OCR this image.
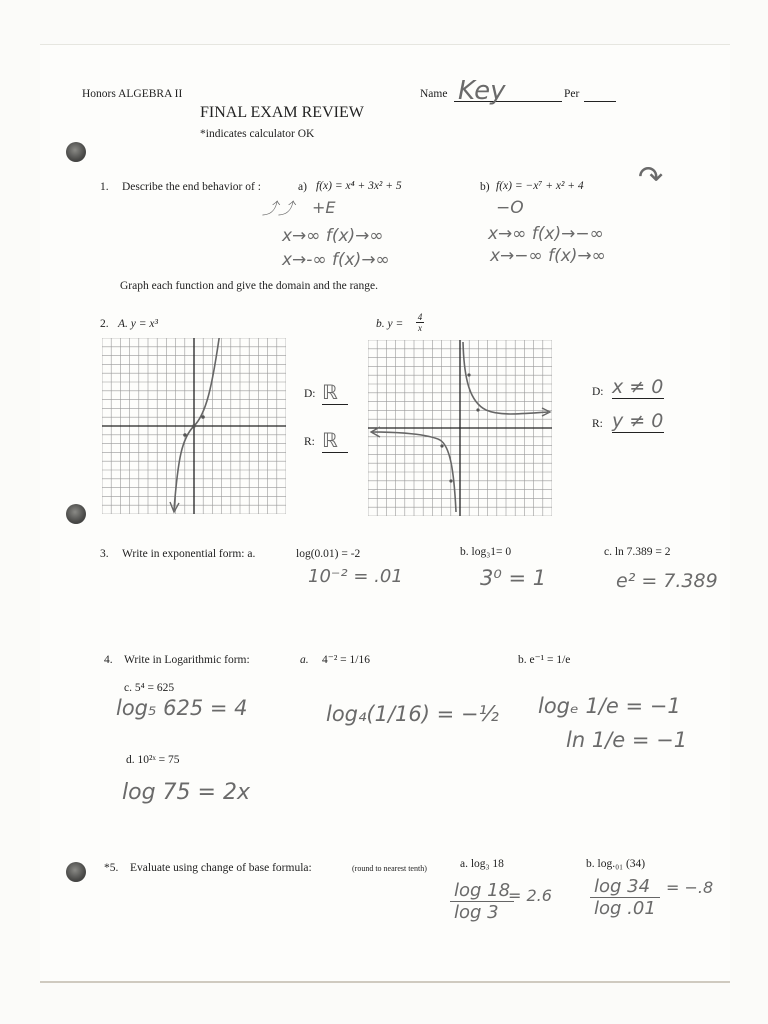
Honors ALGEBRA II
FINAL EXAM REVIEW
*indicates calculator OK
Name Key	Per
1. Describe the end behavior of :	a) f(x) = x⁴ + 3x² + 5
⤴⤴ +E
x→∞ f(x)→∞
x→-∞ f(x)→∞
b) f(x) = −x⁷ + x² + 4 ↷
−O
x→∞ f(x)→−∞
x→−∞ f(x)→∞
Graph each function and give the domain and the range.
2. A. y = x³
D: ℝ
R: ℝ
b. $y = \frac{4}{x}$
D: x ≠ 0
R: y ≠ 0
3. Write in exponential form: a.	log(0.01) = -2
10⁻² = .01
b. log₃1= 0
3⁰ = 1
c. ln 7.389 = 2
e² = 7.389
4. Write in Logarithmic form:	a. 4⁻² = 1/16
log₄(1/16) = −½
b. e⁻¹ = 1/e
logₑ 1/e = −1
ln 1/e = −1
c. 5⁴ = 625
log₅ 625 = 4
d. 10²ˣ = 75
log 75 = 2x
*5. Evaluate using change of base formula:	(round to nearest tenth)	a. log₃ 18	b. log.₀₁ (34)
$\frac{\log 18}{\log 3}$
= $2.6 \frac{\log 34}{\log .01} = -.8$
